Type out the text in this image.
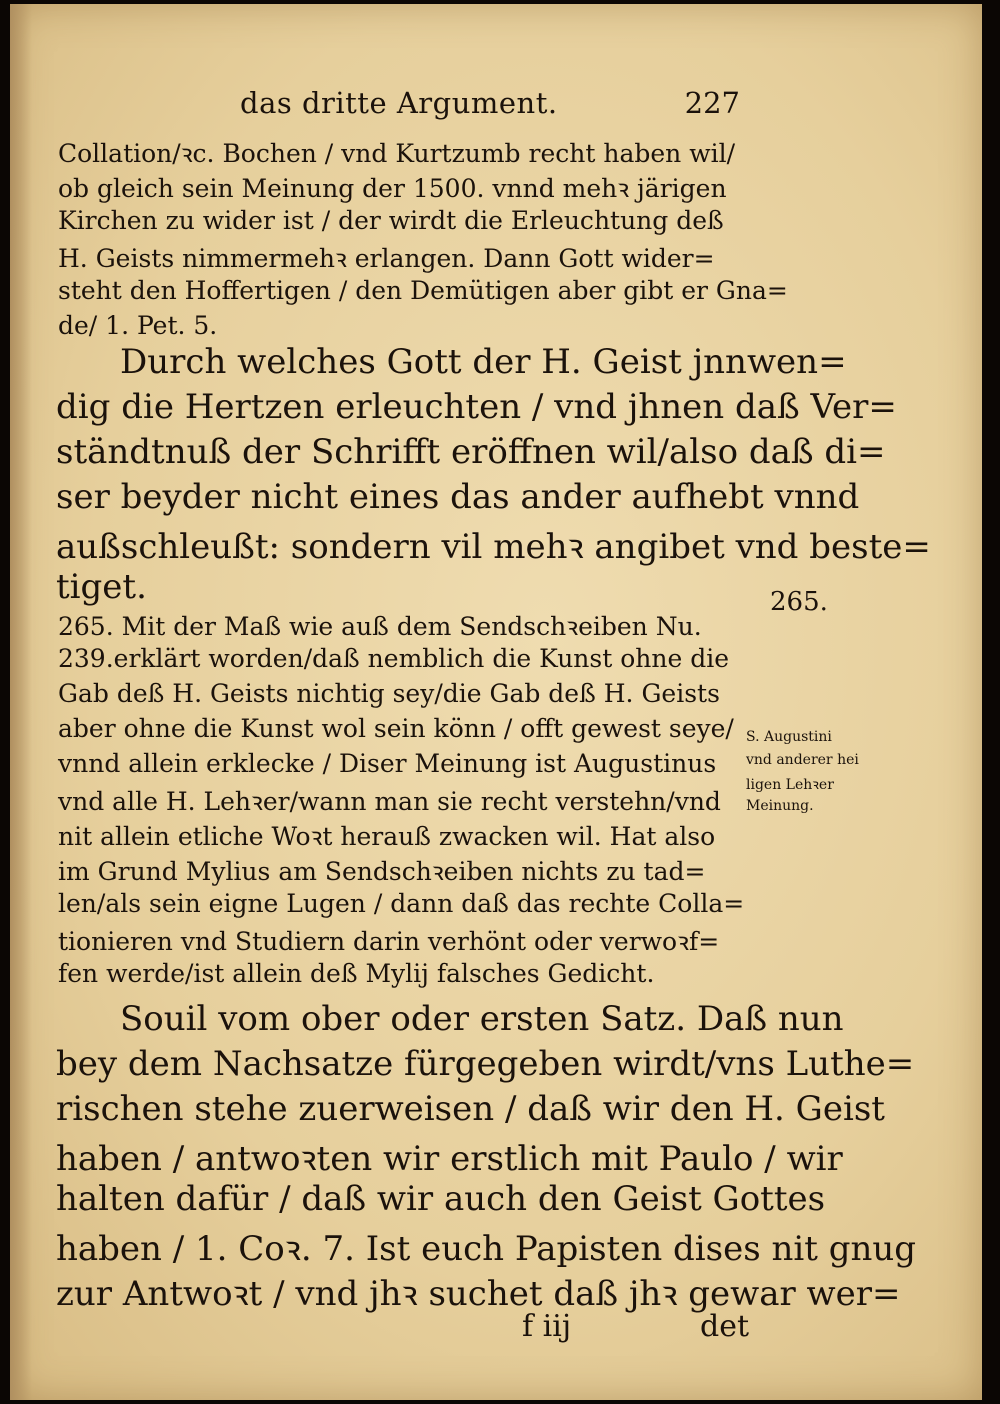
das dritte Argument.	227
Collation/ꝛc. Bochen / vnd Kurtzumb recht haben wil/
ob gleich sein Meinung der 1500. vnnd mehꝛ järigen
Kirchen zu wider ist / der wirdt die Erleuchtung deß
H. Geists nimmermehꝛ erlangen. Dann Gott wider=
steht den Hoffertigen / den Demütigen aber gibt er Gna=
de/ 1. Pet. 5.
Durch welches Gott der H. Geist jnnwen=
dig die Hertzen erleuchten / vnd jhnen daß Ver=
ständtnuß der Schrifft eröffnen wil/also daß di=
ser beyder nicht eines das ander aufhebt vnnd
außschleußt: sondern vil mehꝛ angibet vnd beste=
tiget.
265. Mit der Maß wie auß dem Sendschꝛeiben Nu.
239.erklärt worden/daß nemblich die Kunst ohne die
Gab deß H. Geists nichtig sey/die Gab deß H. Geists
aber ohne die Kunst wol sein könn / offt gewest seye/
vnnd allein erklecke / Diser Meinung ist Augustinus
vnd alle H. Lehꝛer/wann man sie recht verstehn/vnd
nit allein etliche Woꝛt herauß zwacken wil. Hat also
im Grund Mylius am Sendschꝛeiben nichts zu tad=
len/als sein eigne Lugen / dann daß das rechte Colla=
tionieren vnd Studiern darin verhönt oder verwoꝛf=
fen werde/ist allein deß Mylij falsches Gedicht.
Souil vom ober oder ersten Satz. Daß nun
bey dem Nachsatze fürgegeben wirdt/vns Luthe=
rischen stehe zuerweisen / daß wir den H. Geist
haben / antwoꝛten wir erstlich mit Paulo / wir
halten dafür / daß wir auch den Geist Gottes
haben / 1. Coꝛ. 7. Ist euch Papisten dises nit gnug
zur Antwoꝛt / vnd jhꝛ suchet daß jhꝛ gewar wer=
265.
S. Augustini
vnd anderer hei
ligen Lehꝛer
Meinung.
f iij	det
